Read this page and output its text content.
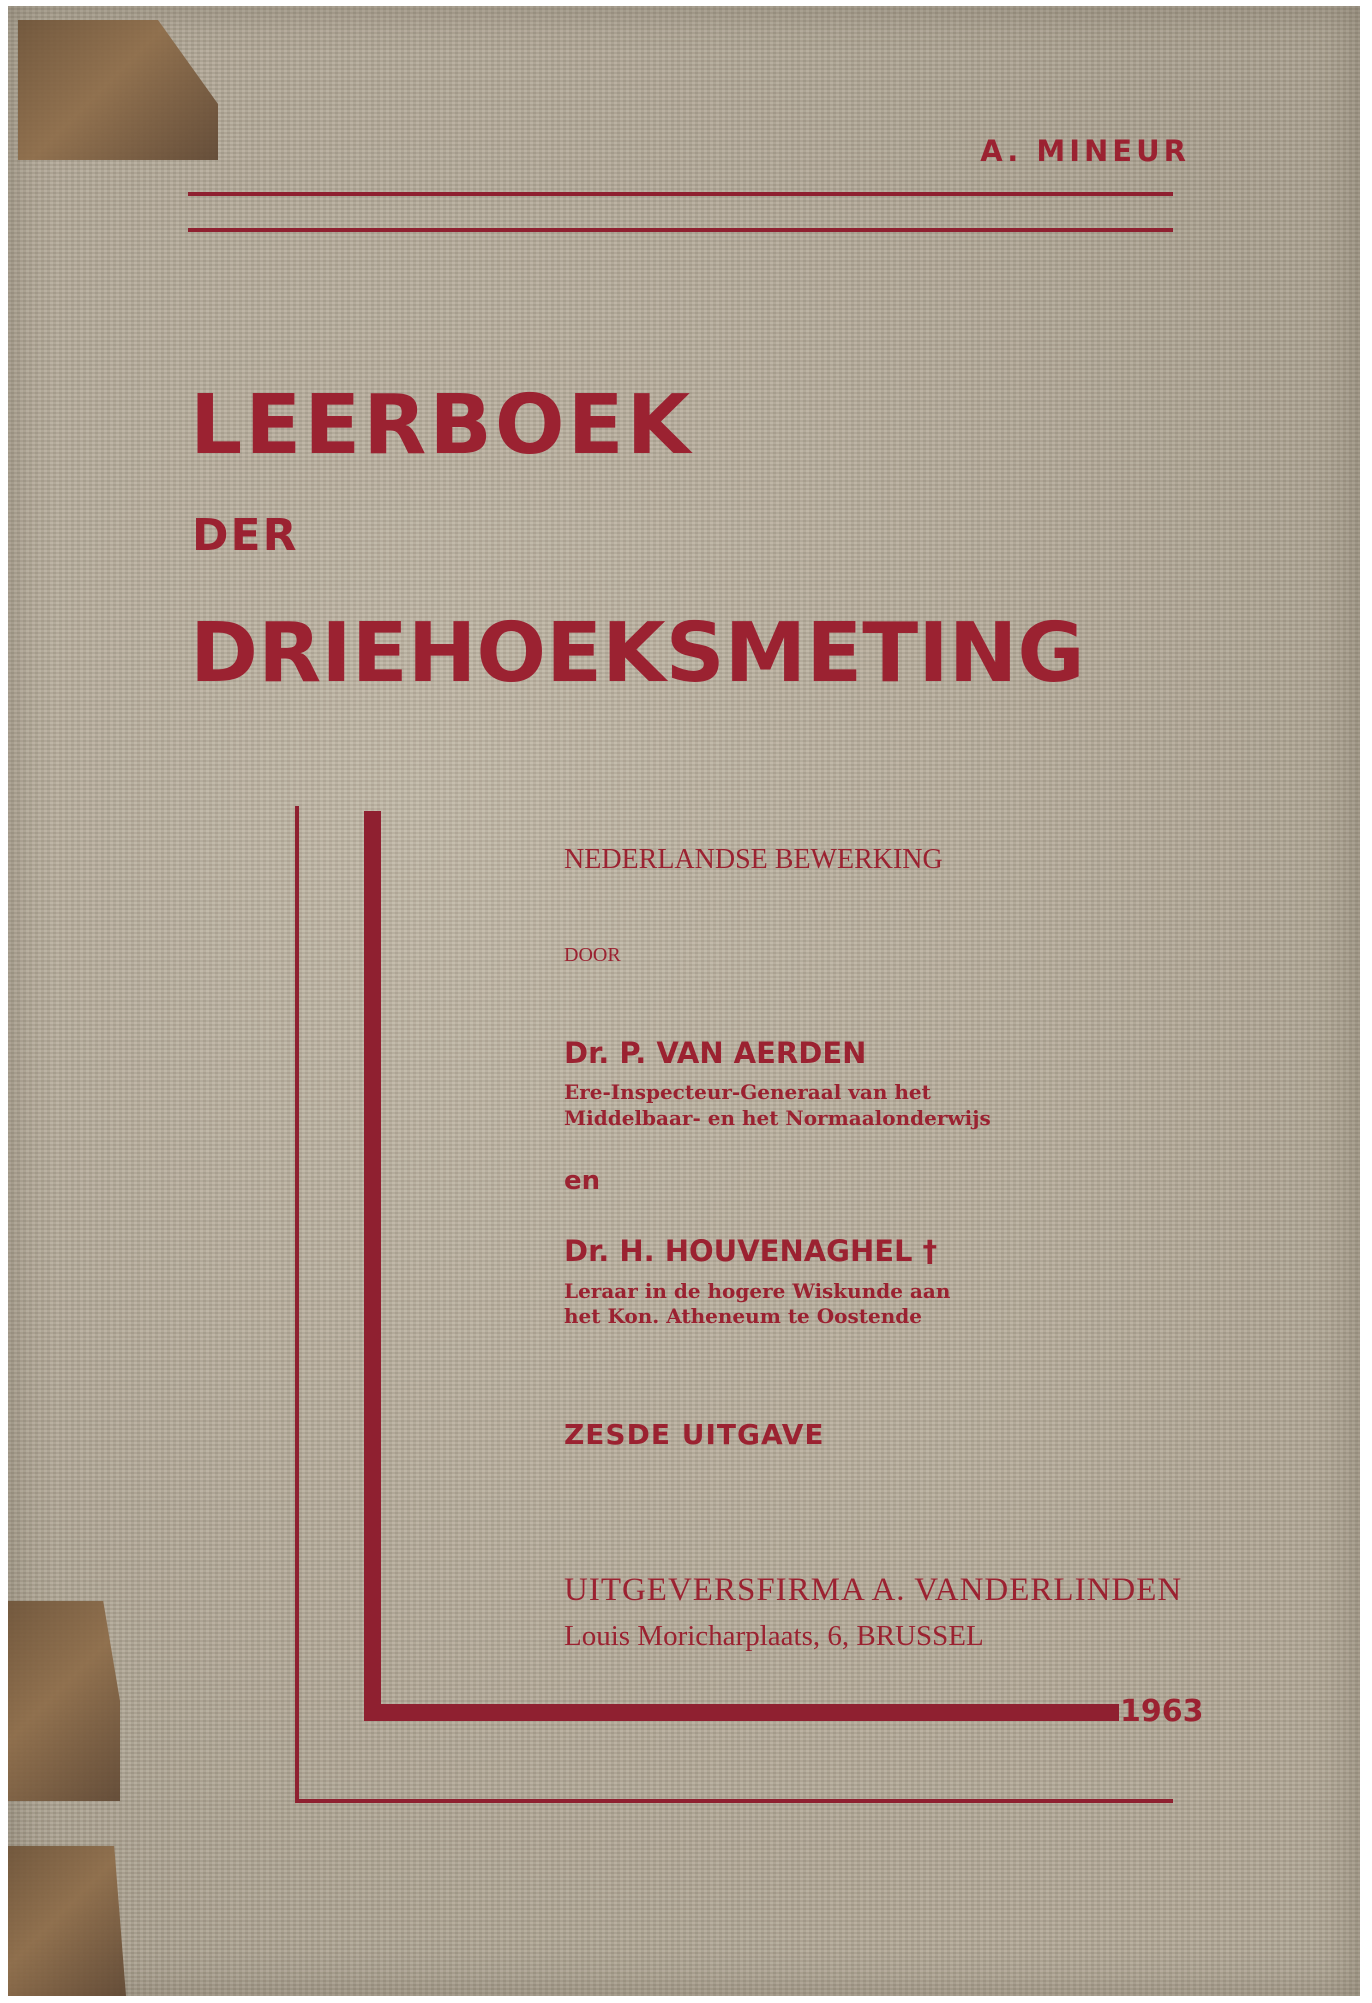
A. MINEUR
LEERBOEK
DER
DRIEHOEKSMETING
NEDERLANDSE BEWERKING
DOOR
Dr. P. VAN AERDEN
Ere-Inspecteur-Generaal van het
Middelbaar- en het Normaalonderwijs
en
Dr. H. HOUVENAGHEL †
Leraar in de hogere Wiskunde aan
het Kon. Atheneum te Oostende
ZESDE UITGAVE
UITGEVERSFIRMA A. VANDERLINDEN
Louis Moricharplaats, 6, BRUSSEL
1963
